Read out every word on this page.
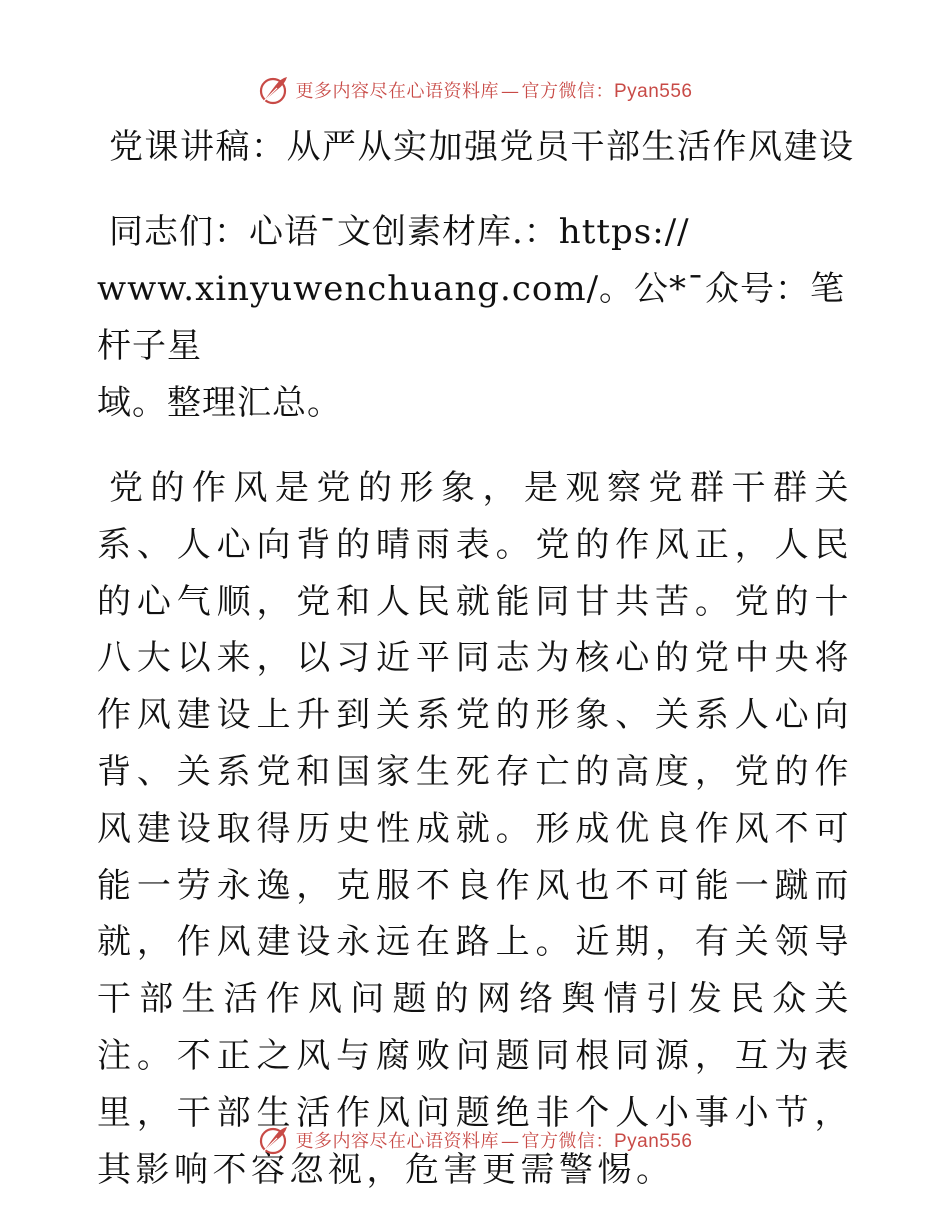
更多内容尽在心语资料库 — 官方微信：Pyan556
党课讲稿：从严从实加强党员干部生活作风建设

同志们：心语¯文创素材库.：https://
www.xinyuwenchuang.com/。公*¯众号：笔杆子星
域。整理汇总。

党的作风是党的形象，是观察党群干群关系、人心向背的晴雨表。党的作风正，人民的心气顺，党和人民就能同甘共苦。党的十八大以来，以习近平同志为核心的党中央将作风建设上升到关系党的形象、关系人心向背、关系党和国家生死存亡的高度，党的作风建设取得历史性成就。形成优良作风不可能一劳永逸，克服不良作风也不可能一蹴而就，作风建设永远在路上。近期，有关领导干部生活作风问题的网络舆情引发民众关注。不正之风与腐败问题同根同源，互为表里，干部生活作风问题绝非个人小事小节，其影响不容忽视，危害更需警惕。

更多内容尽在心语资料库 — 官方微信：Pyan556
